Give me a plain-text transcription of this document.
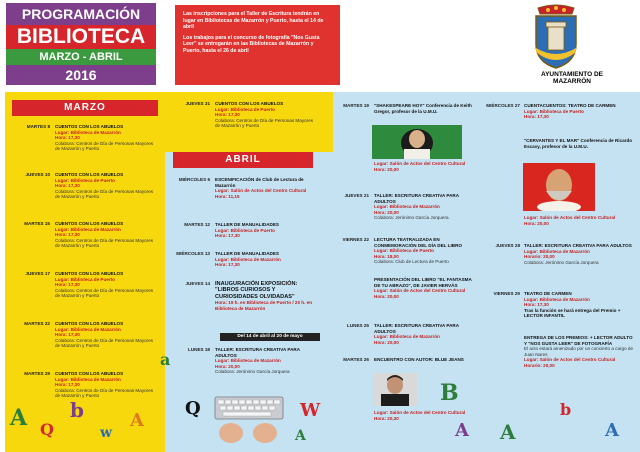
PROGRAMACIÓN
BIBLIOTECA
MARZO - ABRIL
2016

Las inscripciones para el Taller de Escritura tendrán en lugar en Bibliotecas de Mazarrón y Puerto, hasta el 14 de abril

Los trabajos para el concurso de fotografía "Nos Gusta Leer" se entregarán en las Bibliotecas de Mazarrón y Puerto, hasta el 26 de abril

AYUNTAMIENTO DE MAZARRÓN
MARZO
ABRIL
MARTES 8 CUENTOS CON LOS ABUELOS
Lugar: Biblioteca de Mazarrón
Hora: 17,30
Colabora: Centros de Día de Personas Mayores de Mazarrón y Puerto
JUEVES 10 CUENTOS CON LOS ABUELOS
Lugar: Biblioteca de Puerto
Hora: 17,30
Colabora: Centros de Día de Personas Mayores de Mazarrón y Puerto
MARTES 15 CUENTOS CON LOS ABUELOS
Lugar: Biblioteca de Mazarrón
Hora: 17,30
Colabora: Centros de Día de Personas Mayores de Mazarrón y Puerto
JUEVES 17 CUENTOS CON LOS ABUELOS
Lugar: Biblioteca de Puerto
Hora: 17,30
Colabora: Centros de Día de Personas Mayores de Mazarrón y Puerto
MARTES 22 CUENTOS CON LOS ABUELOS
Lugar: Biblioteca de Mazarrón
Hora: 17,30
Colabora: Centros de Día de Personas Mayores de Mazarrón y Puerto
MARTES 29 CUENTOS CON LOS ABUELOS
Lugar: Biblioteca de Mazarrón
Hora: 17,30
Colabora: Centros de Día de Personas Mayores de Mazarrón y Puerto
JUEVES 31 CUENTOS CON LOS ABUELOS
Lugar: Biblioteca de Puerto
Hora: 17,30
Colabora: Centros de Día de Personas Mayores de Mazarrón y Puerto
MIÉRCOLES 6 ESCENIFICACIÓN de Club de Lectura de Mazarrón
Lugar: Salón de Actos del Centro Cultural
Hora: 11,15
MARTES 12 TALLER DE MANUALIDADES
Lugar: Biblioteca de Puerto
Hora: 17,30
MIÉRCOLES 13 TALLER DE MANUALIDADES
Lugar: Biblioteca de Mazarrón
Hora: 17,30
JUEVES 14 INAUGURACIÓN EXPOSICIÓN: "LIBROS CURIOSOS Y CURIOSIDADES OLVIDADAS"
Hora: 19 h. en Biblioteca de Puerto / 20 h. en Biblioteca de Mazarrón
Del 14 de abril al 20 de mayo
LUNES 18 TALLER: ESCRITURA CREATIVA PARA ADULTOS
Lugar: Biblioteca de Mazarrón
Hora: 20,00
Colabora: Jerónimo García Jorquera
MARTES 19 "SHAKESPEARE HOY" Conferencia de Keith Gregor, profesor de la U.M.U.
Lugar: Salón de Actos del Centro Cultural
Hora: 20,00
JUEVES 21 TALLER: ESCRITURA CREATIVA PARA ADULTOS
Lugar: Biblioteca de Mazarrón
Hora: 20,00
Colabora: Jerónimo García Jorquera
VIERNES 22 LECTURA TEATRALIZADA EN CONMEMORACIÓN DEL DÍA DEL LIBRO
Lugar: Biblioteca de Puerto
Hora: 18,00
Colabora: Club de Lectura de Puerto
PRESENTACIÓN DEL LIBRO "EL FANTASMA DE TU ABRAZO", DE JAVIER HERVÁS
Lugar: Salón de Actos del Centro Cultural
Hora: 20,00
LUNES 25 TALLER: ESCRITURA CREATIVA PARA ADULTOS
Lugar: Biblioteca de Mazarrón
Hora: 20,00
MARTES 26 ENCUENTRO CON AUTOR: BLUE JEANS
Lugar: Salón de Actos del Centro Cultural
Hora: 20,30
MIÉRCOLES 27 CUENTACUENTOS: TEATRO DE CARMEN
Lugar: Biblioteca de Puerto
Hora: 17,30
"CERVANTES Y EL MAR" Conferencia de Ricardo Escavy, profesor de la U.M.U.
Lugar: Salón de Actos del Centro Cultural
Hora: 20,00
JUEVES 28 TALLER: ESCRITURA CREATIVA PARA ADULTOS
Lugar: Biblioteca de Mazarrón
Horario: 20,00
Colabora: Jerónimo García Jorquera
VIERNES 29 TEATRO DE CARMEN
Lugar: Biblioteca de Mazarrón
Hora: 17,30
Tras la función se hará entrega del Premio + LECTOR INFANTIL
ENTREGA DE LOS PREMIOS: + LECTOR ADULTO Y "NOS GUSTA LEER" DE FOTOGRAFÍA
El acto estará amenizado por un concierto a cargo de Juan Nares
Lugar: Salón de Actos del Centro Cultural
Horario: 20,00
A Q
b
w
A
a
Q	W
A
B
A A
b
A
